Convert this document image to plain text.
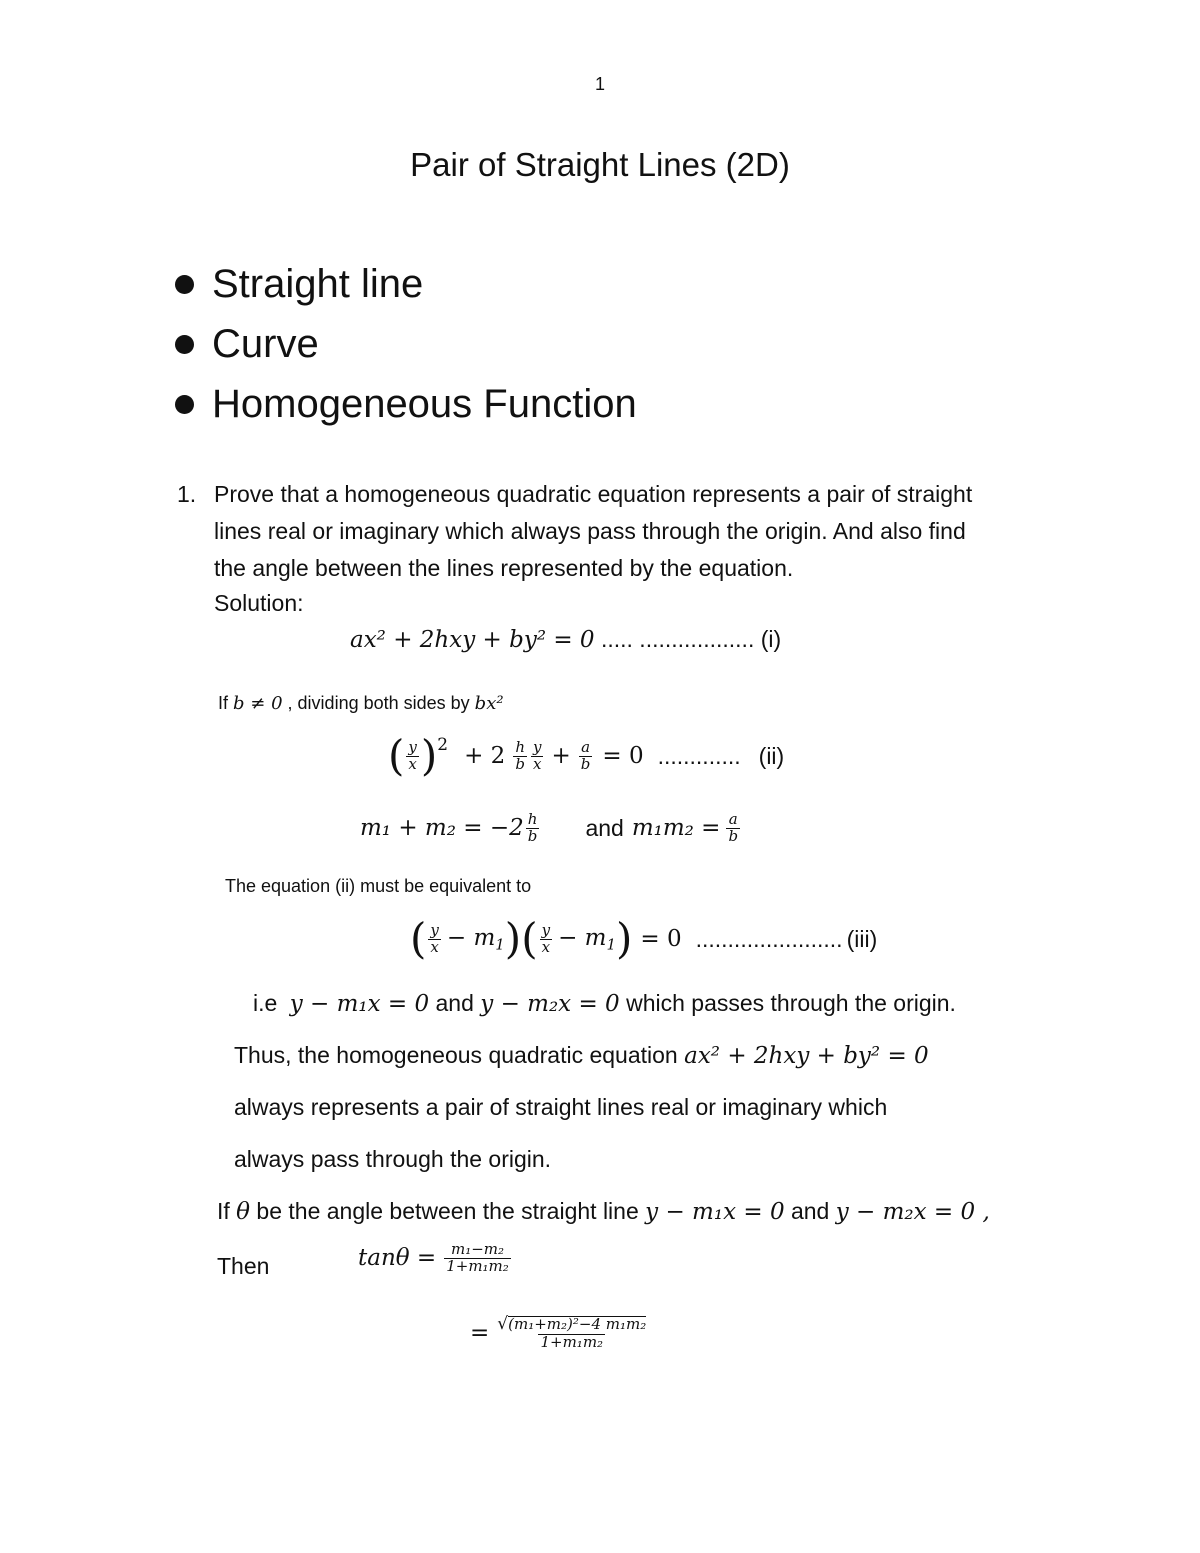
1
Pair of Straight Lines (2D)
Straight line
Curve
Homogeneous Function
1. Prove that a homogeneous quadratic equation represents a pair of straight
lines real or imaginary which always pass through the origin. And also find
the angle between the lines represented by the equation.
Solution:
ax² + 2hxy + by² = 0 ..... .................. (i)
If b ≠ 0 , dividing both sides by bx²
( $\frac{y}{x}$ ) $2 + 2 \frac{h}{b} \frac{y}{x} + \frac{a}{b} = 0$ ............. (ii)
$m_1 + m_2 = -2 \frac{h}{b}$ and $m_1m_2 = \frac{a}{b}$
The equation (ii) must be equivalent to
( $\frac{y}{x} - m_1$ ) ( $\frac{y}{x} - m_1$ ) = 0 ....................... (iii)
i.e y − m₁x = 0 and y − m₂x = 0 which passes through the origin.
Thus, the homogeneous quadratic equation ax² + 2hxy + by² = 0
always represents a pair of straight lines real or imaginary which
always pass through the origin.
If θ be the angle between the straight line y − m₁x = 0 and y − m₂x = 0 ,
Then	$\tan\theta = \frac{\text{m₁−m₂}}{\text{1+m₁m₂}}$
= $\frac{\text{√ (m₁+m₂)²−4 m₁m₂}}{\text{1+m₁m₂}}$
